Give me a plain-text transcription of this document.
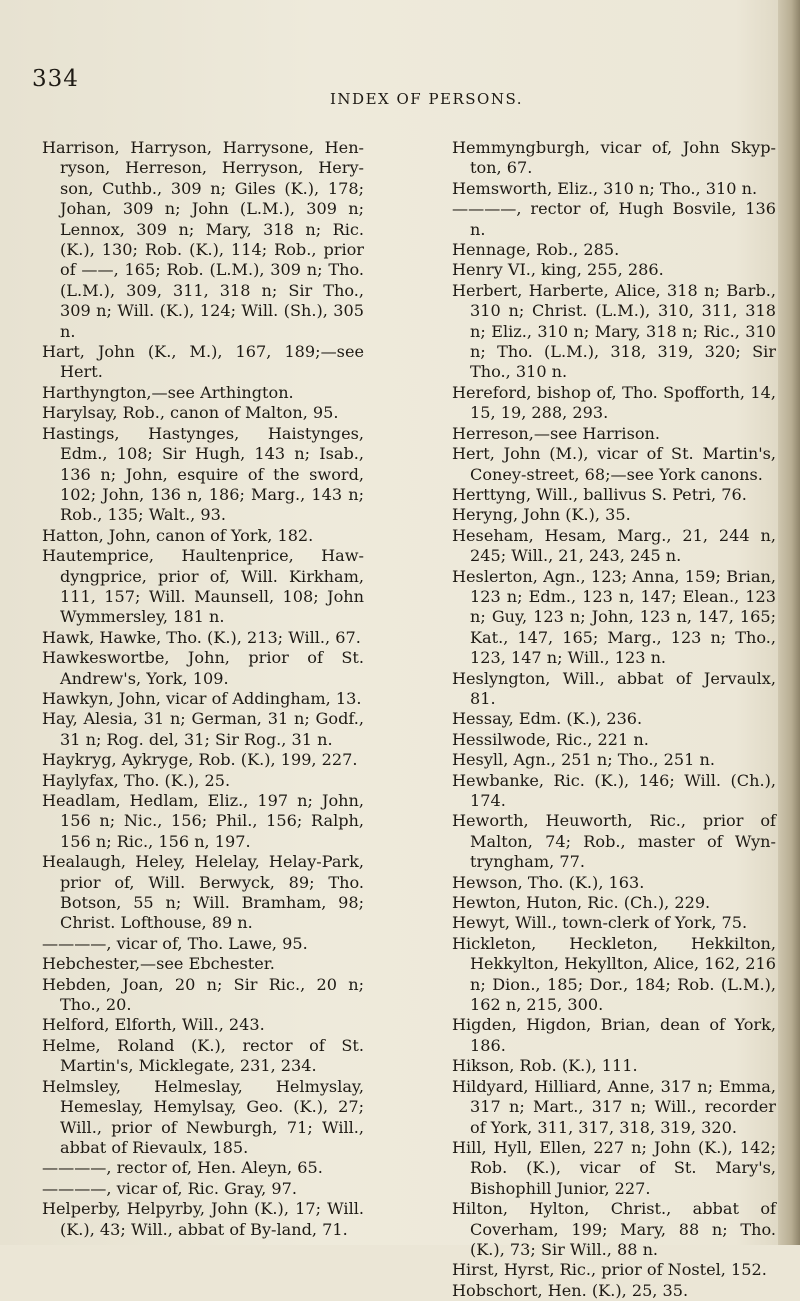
334
INDEX OF PERSONS.

Harrison, Harryson, Harrysone, Hen-ryson, Herreson, Herryson, Hery-son, Cuthb., 309 n; Giles (K.), 178; Johan, 309 n; John (L.M.), 309 n; Lennox, 309 n; Mary, 318 n; Ric. (K.), 130; Rob. (K.), 114; Rob., prior of ——, 165; Rob. (L.M.), 309 n; Tho. (L.M.), 309, 311, 318 n; Sir Tho., 309 n; Will. (K.), 124; Will. (Sh.), 305 n.

Hart, John (K., M.), 167, 189;—see Hert.

Harthyngton,—see Arthington.

Harylsay, Rob., canon of Malton, 95.

Hastings, Hastynges, Haistynges, Edm., 108; Sir Hugh, 143 n; Isab., 136 n; John, esquire of the sword, 102; John, 136 n, 186; Marg., 143 n; Rob., 135; Walt., 93.

Hatton, John, canon of York, 182.

Hautemprice, Haultenprice, Haw-dyngprice, prior of, Will. Kirkham, 111, 157; Will. Maunsell, 108; John Wymmersley, 181 n.

Hawk, Hawke, Tho. (K.), 213; Will., 67.

Hawkeswortbe, John, prior of St. Andrew's, York, 109.

Hawkyn, John, vicar of Addingham, 13.

Hay, Alesia, 31 n; German, 31 n; Godf., 31 n; Rog. del, 31; Sir Rog., 31 n.

Haykryg, Aykryge, Rob. (K.), 199, 227.

Haylyfax, Tho. (K.), 25.

Headlam, Hedlam, Eliz., 197 n; John, 156 n; Nic., 156; Phil., 156; Ralph, 156 n; Ric., 156 n, 197.

Healaugh, Heley, Helelay, Helay-Park, prior of, Will. Berwyck, 89; Tho. Botson, 55 n; Will. Bramham, 98; Christ. Lofthouse, 89 n.

————, vicar of, Tho. Lawe, 95.

Hebchester,—see Ebchester.

Hebden, Joan, 20 n; Sir Ric., 20 n; Tho., 20.

Helford, Elforth, Will., 243.

Helme, Roland (K.), rector of St. Martin's, Micklegate, 231, 234.

Helmsley, Helmeslay, Helmyslay, Hemeslay, Hemylsay, Geo. (K.), 27; Will., prior of Newburgh, 71; Will., abbat of Rievaulx, 185.

————, rector of, Hen. Aleyn, 65.

————, vicar of, Ric. Gray, 97.

Helperby, Helpyrby, John (K.), 17; Will. (K.), 43; Will., abbat of By-land, 71.

Hemmyngburgh, vicar of, John Skyp-ton, 67.

Hemsworth, Eliz., 310 n; Tho., 310 n.

————, rector of, Hugh Bosvile, 136 n.

Hennage, Rob., 285.

Henry VI., king, 255, 286.

Herbert, Harberte, Alice, 318 n; Barb., 310 n; Christ. (L.M.), 310, 311, 318 n; Eliz., 310 n; Mary, 318 n; Ric., 310 n; Tho. (L.M.), 318, 319, 320; Sir Tho., 310 n.

Hereford, bishop of, Tho. Spofforth, 14, 15, 19, 288, 293.

Herreson,—see Harrison.

Hert, John (M.), vicar of St. Martin's, Coney-street, 68;—see York canons.

Herttyng, Will., ballivus S. Petri, 76.

Heryng, John (K.), 35.

Heseham, Hesam, Marg., 21, 244 n, 245; Will., 21, 243, 245 n.

Heslerton, Agn., 123; Anna, 159; Brian, 123 n; Edm., 123 n, 147; Elean., 123 n; Guy, 123 n; John, 123 n, 147, 165; Kat., 147, 165; Marg., 123 n; Tho., 123, 147 n; Will., 123 n.

Heslyngton, Will., abbat of Jervaulx, 81.

Hessay, Edm. (K.), 236.

Hessilwode, Ric., 221 n.

Hesyll, Agn., 251 n; Tho., 251 n.

Hewbanke, Ric. (K.), 146; Will. (Ch.), 174.

Heworth, Heuworth, Ric., prior of Malton, 74; Rob., master of Wyn-tryngham, 77.

Hewson, Tho. (K.), 163.

Hewton, Huton, Ric. (Ch.), 229.

Hewyt, Will., town-clerk of York, 75.

Hickleton, Heckleton, Hekkilton, Hekkylton, Hekyllton, Alice, 162, 216 n; Dion., 185; Dor., 184; Rob. (L.M.), 162 n, 215, 300.

Higden, Higdon, Brian, dean of York, 186.

Hikson, Rob. (K.), 111.

Hildyard, Hilliard, Anne, 317 n; Emma, 317 n; Mart., 317 n; Will., recorder of York, 311, 317, 318, 319, 320.

Hill, Hyll, Ellen, 227 n; John (K.), 142; Rob. (K.), vicar of St. Mary's, Bishophill Junior, 227.

Hilton, Hylton, Christ., abbat of Coverham, 199; Mary, 88 n; Tho. (K.), 73; Sir Will., 88 n.

Hirst, Hyrst, Ric., prior of Nostel, 152.

Hobschort, Hen. (K.), 25, 35.
